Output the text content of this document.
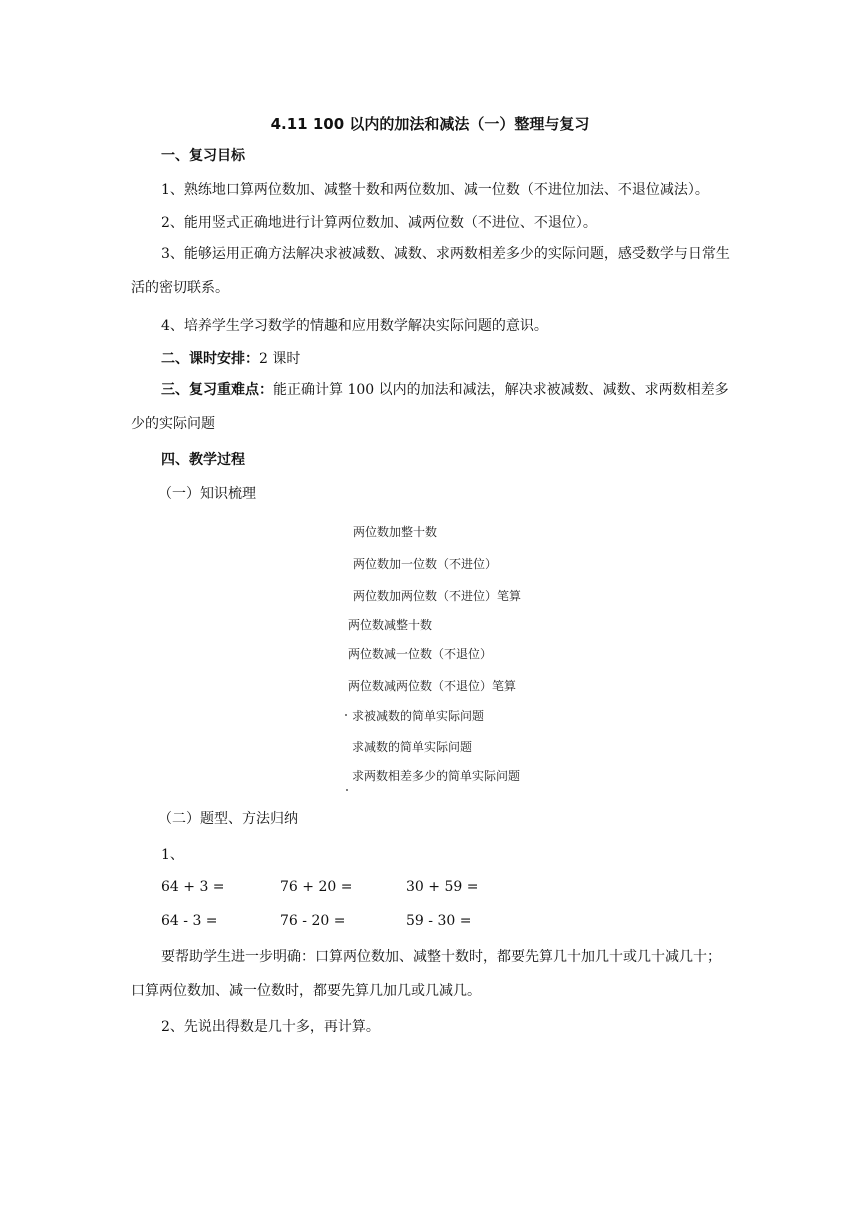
4.11 100 以内的加法和减法（一）整理与复习
一、复习目标
1、熟练地口算两位数加、减整十数和两位数加、减一位数（不进位加法、不退位减法）。
2、能用竖式正确地进行计算两位数加、减两位数（不进位、不退位）。
3、能够运用正确方法解决求被减数、减数、求两数相差多少的实际问题，感受数学与日常生活的密切联系。
4、培养学生学习数学的情趣和应用数学解决实际问题的意识。
二、课时安排：2 课时
三、复习重难点：能正确计算 100 以内的加法和减法，解决求被减数、减数、求两数相差多少的实际问题
四、教学过程
（一）知识梳理
两位数加整十数
两位数加一位数（不进位）
两位数加两位数（不进位）笔算
两位数减整十数
两位数减一位数（不退位）
两位数减两位数（不退位）笔算
求被减数的简单实际问题
求减数的简单实际问题
求两数相差多少的简单实际问题
（二）题型、方法归纳
1、
64 + 3 =	76 + 20 =	30 + 59 =
64 - 3 =	76 - 20 =	59 - 30 =
要帮助学生进一步明确：口算两位数加、减整十数时，都要先算几十加几十或几十减几十；口算两位数加、减一位数时，都要先算几加几或几减几。
2、先说出得数是几十多，再计算。
